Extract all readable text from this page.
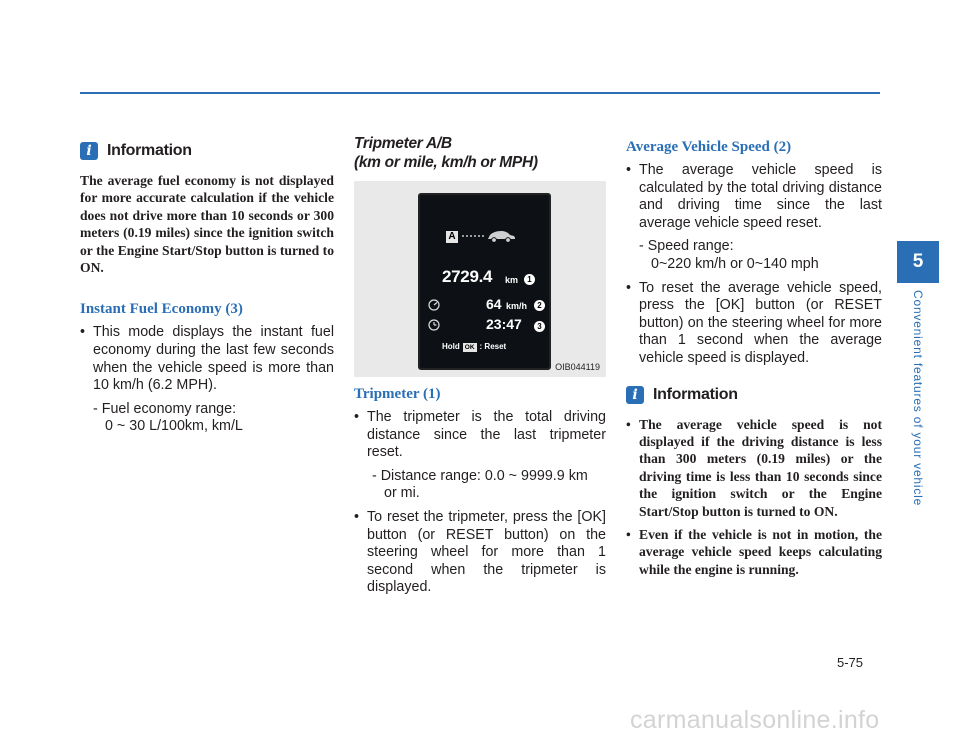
i Information

The average fuel economy is not displayed for more accurate calculation if the vehicle does not drive more than 10 seconds or 300 meters (0.19 miles) since the ignition switch or the Engine Start/Stop button is turned to ON.

Instant Fuel Economy (3)

• This mode displays the instant fuel economy during the last few seconds when the vehicle speed is more than 10 km/h (6.2 MPH).

- Fuel economy range:
0 ~ 30 L/100km, km/L
Tripmeter A/B
(km or mile, km/h or MPH)
A
2729.4 km	1
64 km/h	2
23:47	3
Hold OK : Reset
OIB044119
Tripmeter (1)

• The tripmeter is the total driving distance since the last tripmeter reset.

- Distance range: 0.0 ~ 9999.9 km
or mi.

• To reset the tripmeter, press the [OK] button (or RESET button) on the steering wheel for more than 1 second when the tripmeter is displayed.

Average Vehicle Speed (2)

• The average vehicle speed is calculated by the total driving distance and driving time since the last average vehicle speed reset.

- Speed range:
0~220 km/h or 0~140 mph

• To reset the average vehicle speed, press the [OK] button (or RESET button) on the steering wheel for more than 1 second when the average vehicle speed is displayed.

i Information

• The average vehicle speed is not displayed if the driving distance is less than 300 meters (0.19 miles) or the driving time is less than 10 seconds since the ignition switch or the Engine Start/Stop button is turned to ON.

• Even if the vehicle is not in motion, the average vehicle speed keeps calculating while the engine is running.

5
Convenient features of your vehicle
5-75
carmanualsonline.info
